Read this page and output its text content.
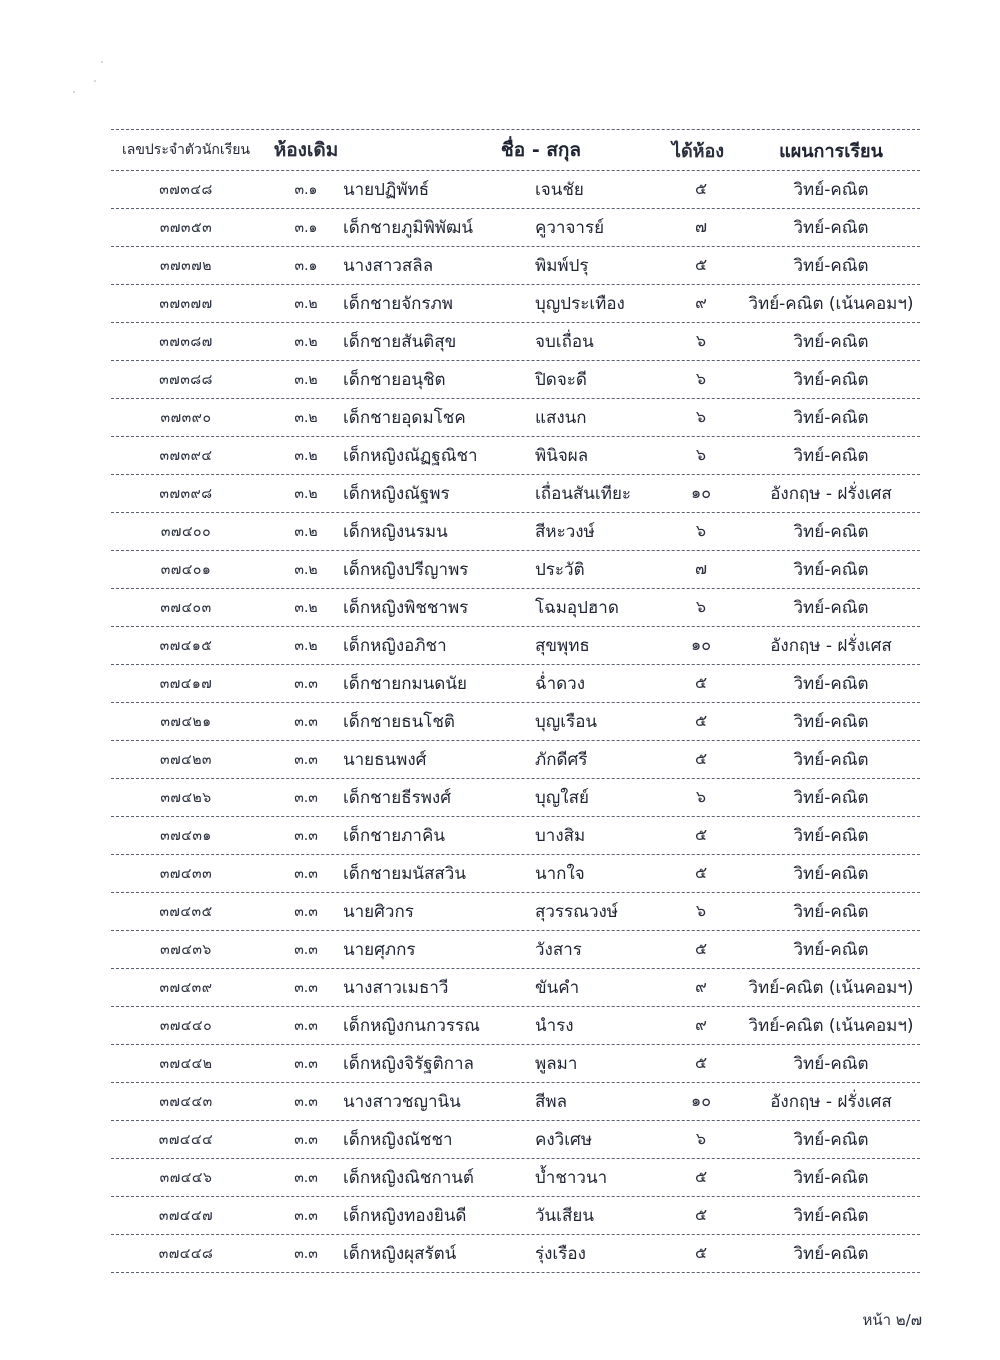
เลขประจำตัวนักเรียน	ห้องเดิม	ชื่อ - สกุล	ได้ห้อง	แผนการเรียน
๓๗๓๔๘	๓.๑	นายปฏิพัทธ์	เจนชัย	๕	วิทย์-คณิต
๓๗๓๕๓	๓.๑	เด็กชายภูมิพิพัฒน์	คูวาจารย์	๗	วิทย์-คณิต
๓๗๓๗๒	๓.๑	นางสาวสลิล	พิมพ์ปรุ	๕	วิทย์-คณิต
๓๗๓๗๗	๓.๒	เด็กชายจักรภพ	บุญประเทือง	๙	วิทย์-คณิต (เน้นคอมฯ)
๓๗๓๘๗	๓.๒	เด็กชายสันติสุข	จบเถื่อน	๖	วิทย์-คณิต
๓๗๓๘๘	๓.๒	เด็กชายอนุชิต	ปิดจะดี	๖	วิทย์-คณิต
๓๗๓๙๐	๓.๒	เด็กชายอุดมโชค	แสงนก	๖	วิทย์-คณิต
๓๗๓๙๔	๓.๒	เด็กหญิงณัฏฐณิชา	พินิจผล	๖	วิทย์-คณิต
๓๗๓๙๘	๓.๒	เด็กหญิงณัฐพร	เถื่อนสันเทียะ	๑๐	อังกฤษ - ฝรั่งเศส
๓๗๔๐๐	๓.๒	เด็กหญิงนรมน	สีหะวงษ์	๖	วิทย์-คณิต
๓๗๔๐๑	๓.๒	เด็กหญิงปรีญาพร	ประวัติ	๗	วิทย์-คณิต
๓๗๔๐๓	๓.๒	เด็กหญิงพิชชาพร	โฉมอุปฮาด	๖	วิทย์-คณิต
๓๗๔๑๕	๓.๒	เด็กหญิงอภิชา	สุขพุทธ	๑๐	อังกฤษ - ฝรั่งเศส
๓๗๔๑๗	๓.๓	เด็กชายกมนดนัย	ฉ่ำดวง	๕	วิทย์-คณิต
๓๗๔๒๑	๓.๓	เด็กชายธนโชติ	บุญเรือน	๕	วิทย์-คณิต
๓๗๔๒๓	๓.๓	นายธนพงศ์	ภักดีศรี	๕	วิทย์-คณิต
๓๗๔๒๖	๓.๓	เด็กชายธีรพงศ์	บุญใสย์	๖	วิทย์-คณิต
๓๗๔๓๑	๓.๓	เด็กชายภาคิน	บางสิม	๕	วิทย์-คณิต
๓๗๔๓๓	๓.๓	เด็กชายมนัสสวิน	นากใจ	๕	วิทย์-คณิต
๓๗๔๓๕	๓.๓	นายศิวกร	สุวรรณวงษ์	๖	วิทย์-คณิต
๓๗๔๓๖	๓.๓	นายศุภกร	วังสาร	๕	วิทย์-คณิต
๓๗๔๓๙	๓.๓	นางสาวเมธาวี	ขันคำ	๙	วิทย์-คณิต (เน้นคอมฯ)
๓๗๔๔๐	๓.๓	เด็กหญิงกนกวรรณ	นำรง	๙	วิทย์-คณิต (เน้นคอมฯ)
๓๗๔๔๒	๓.๓	เด็กหญิงจิรัฐติกาล	พูลมา	๕	วิทย์-คณิต
๓๗๔๔๓	๓.๓	นางสาวชญานิน	สีพล	๑๐	อังกฤษ - ฝรั่งเศส
๓๗๔๔๔	๓.๓	เด็กหญิงณัชชา	คงวิเศษ	๖	วิทย์-คณิต
๓๗๔๔๖	๓.๓	เด็กหญิงณิชกานต์	บ้ำชาวนา	๕	วิทย์-คณิต
๓๗๔๔๗	๓.๓	เด็กหญิงทองยินดี	วันเสียน	๕	วิทย์-คณิต
๓๗๔๔๘	๓.๓	เด็กหญิงผุสรัตน์	รุ่งเรือง	๕	วิทย์-คณิต
หน้า ๒/๗
